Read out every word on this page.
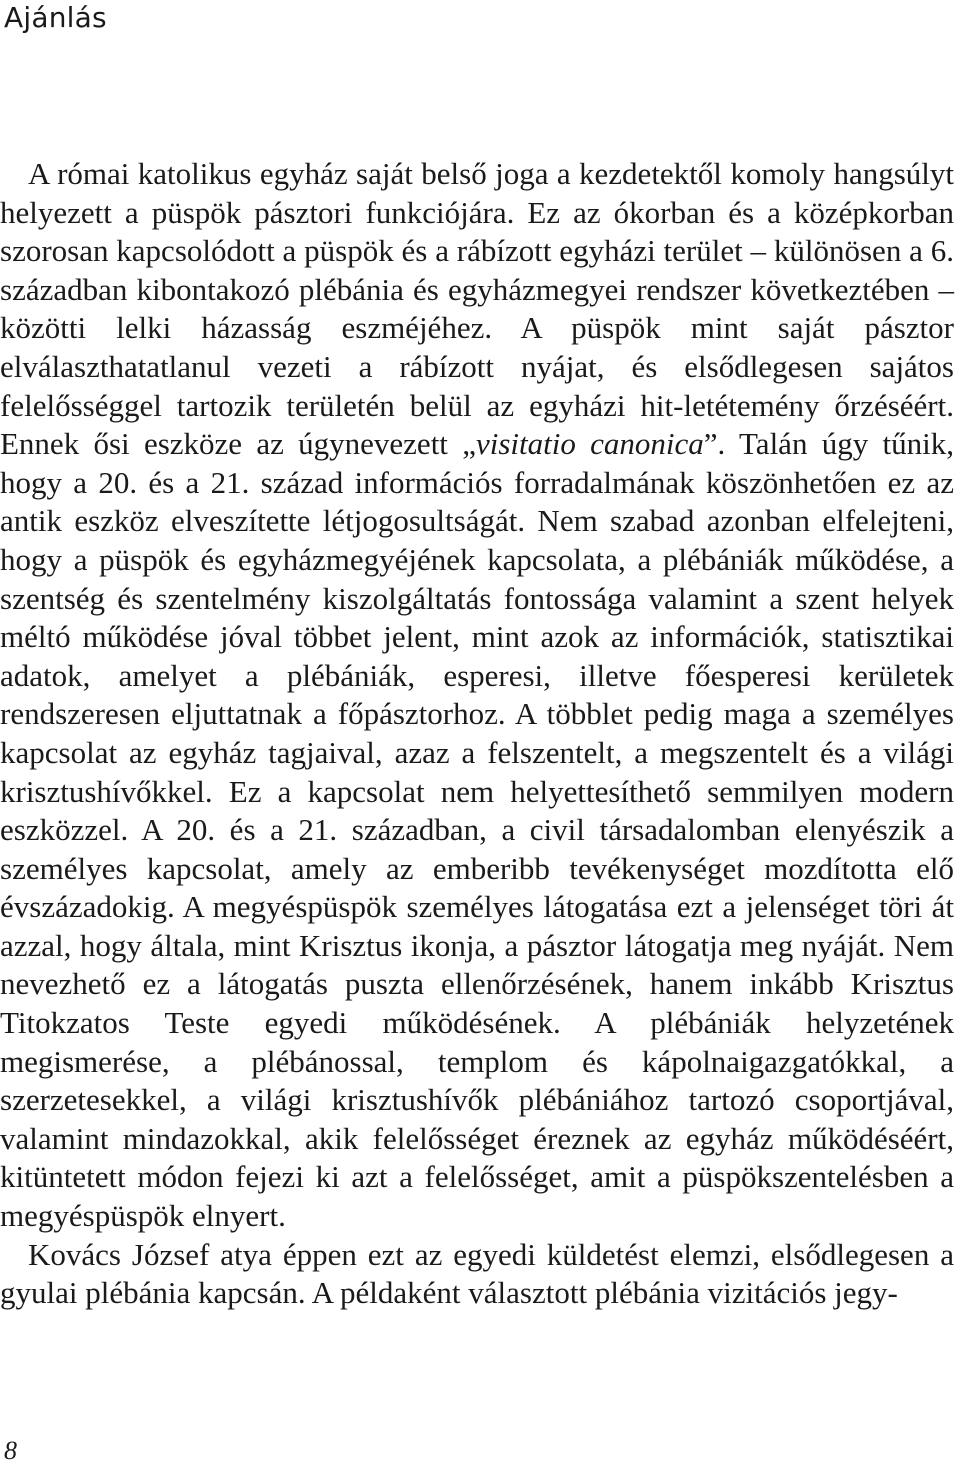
Ajánlás

A római katolikus egyház saját belső joga a kezdetektől komoly hangsúlyt helyezett a püspök pásztori funkciójára. Ez az ókorban és a középkorban szorosan kapcsolódott a püspök és a rábízott egyházi terület – különösen a 6. században kibontakozó plébánia és egyházmegyei rendszer következtében – közötti lelki házasság eszméjéhez. A püspök mint saját pásztor elválaszthatatlanul vezeti a rábízott nyájat, és elsődlegesen sajátos felelősséggel tartozik területén belül az egyházi hit-letétemény őrzéséért. Ennek ősi eszköze az úgynevezett „visitatio canonica”. Talán úgy tűnik, hogy a 20. és a 21. század információs forradalmának köszönhetően ez az antik eszköz elveszítette létjogosultságát. Nem szabad azonban elfelejteni, hogy a püspök és egyházmegyéjének kapcsolata, a plébániák működése, a szentség és szentelmény kiszolgáltatás fontossága valamint a szent helyek méltó működése jóval többet jelent, mint azok az információk, statisztikai adatok, amelyet a plébániák, esperesi, illetve főesperesi kerületek rendszeresen eljuttatnak a főpásztorhoz. A többlet pedig maga a személyes kapcsolat az egyház tagjaival, azaz a felszentelt, a megszentelt és a világi krisztushívőkkel. Ez a kapcsolat nem helyettesíthető semmilyen modern eszközzel. A 20. és a 21. században, a civil társadalomban elenyészik a személyes kapcsolat, amely az emberibb tevékenységet mozdította elő évszázadokig. A megyéspüspök személyes látogatása ezt a jelenséget töri át azzal, hogy általa, mint Krisztus ikonja, a pásztor látogatja meg nyáját. Nem nevezhető ez a látogatás puszta ellenőrzésének, hanem inkább Krisztus Titokzatos Teste egyedi működésének. A plébániák helyzetének megismerése, a plébánossal, templom és kápolnaigazgatókkal, a szerzetesekkel, a világi krisztushívők plébániához tartozó csoportjával, valamint mindazokkal, akik felelősséget éreznek az egyház működéséért, kitüntetett módon fejezi ki azt a felelősséget, amit a püspökszentelésben a megyéspüspök elnyert.

Kovács József atya éppen ezt az egyedi küldetést elemzi, elsődlegesen a gyulai plébánia kapcsán. A példaként választott plébánia vizitációs jegy-

8
